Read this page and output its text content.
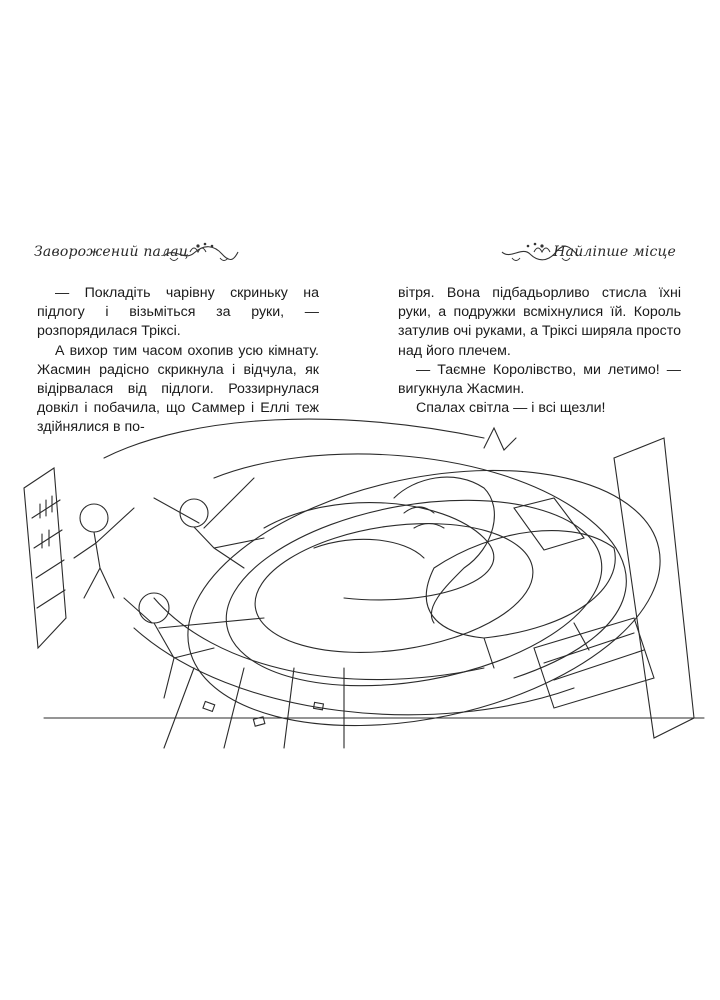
Заворожений палац	Найліпше місце

— Покладіть чарівну скриньку на підлогу і візьміться за руки, — розпорядилася Тріксі.

А вихор тим часом охопив усю кімнату. Жасмин радісно скрикнула і відчула, як відірвалася від підлоги. Роззирнулася довкіл і побачила, що Саммер і Еллі теж здійнялися в по-

вітря. Вона підбадьорливо стисла їхні руки, а подружки всміхнулися їй. Король затулив очі руками, а Тріксі ширяла просто над його плечем.

— Таємне Королівство, ми летимо! — вигукнула Жасмин.

Спалах світла — і всі щезли!
